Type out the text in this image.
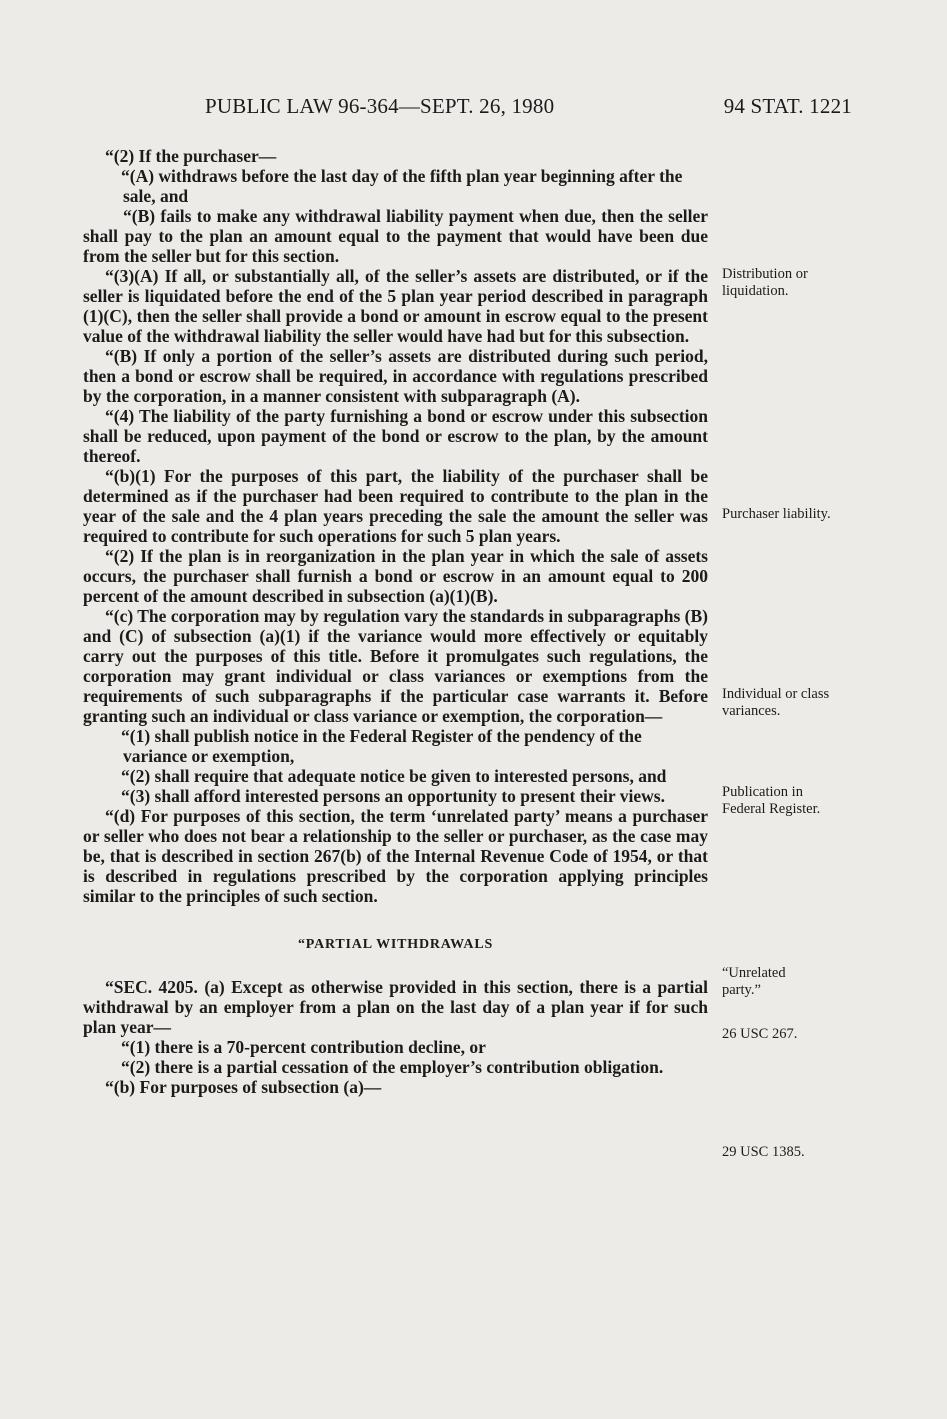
PUBLIC LAW 96-364—SEPT. 26, 1980	94 STAT. 1221

“(2) If the purchaser—

“(A) withdraws before the last day of the fifth plan year beginning after the sale, and

“(B) fails to make any withdrawal liability payment when due, then the seller shall pay to the plan an amount equal to the payment that would have been due from the seller but for this section.

“(3)(A) If all, or substantially all, of the seller’s assets are distributed, or if the seller is liquidated before the end of the 5 plan year period described in paragraph (1)(C), then the seller shall provide a bond or amount in escrow equal to the present value of the withdrawal liability the seller would have had but for this subsection.

“(B) If only a portion of the seller’s assets are distributed during such period, then a bond or escrow shall be required, in accordance with regulations prescribed by the corporation, in a manner consistent with subparagraph (A).

“(4) The liability of the party furnishing a bond or escrow under this subsection shall be reduced, upon payment of the bond or escrow to the plan, by the amount thereof.

“(b)(1) For the purposes of this part, the liability of the purchaser shall be determined as if the purchaser had been required to contribute to the plan in the year of the sale and the 4 plan years preceding the sale the amount the seller was required to contribute for such operations for such 5 plan years.

“(2) If the plan is in reorganization in the plan year in which the sale of assets occurs, the purchaser shall furnish a bond or escrow in an amount equal to 200 percent of the amount described in subsection (a)(1)(B).

“(c) The corporation may by regulation vary the standards in subparagraphs (B) and (C) of subsection (a)(1) if the variance would more effectively or equitably carry out the purposes of this title. Before it promulgates such regulations, the corporation may grant individual or class variances or exemptions from the requirements of such subparagraphs if the particular case warrants it. Before granting such an individual or class variance or exemption, the corporation—

“(1) shall publish notice in the Federal Register of the pendency of the variance or exemption,

“(2) shall require that adequate notice be given to interested persons, and

“(3) shall afford interested persons an opportunity to present their views.

“(d) For purposes of this section, the term ‘unrelated party’ means a purchaser or seller who does not bear a relationship to the seller or purchaser, as the case may be, that is described in section 267(b) of the Internal Revenue Code of 1954, or that is described in regulations prescribed by the corporation applying principles similar to the principles of such section.

“PARTIAL WITHDRAWALS

“SEC. 4205. (a) Except as otherwise provided in this section, there is a partial withdrawal by an employer from a plan on the last day of a plan year if for such plan year—

“(1) there is a 70-percent contribution decline, or

“(2) there is a partial cessation of the employer’s contribution obligation.

“(b) For purposes of subsection (a)—

Distribution or liquidation.
Purchaser liability.
Individual or class variances.
Publication in Federal Register.
“Unrelated party.”
26 USC 267.
29 USC 1385.
